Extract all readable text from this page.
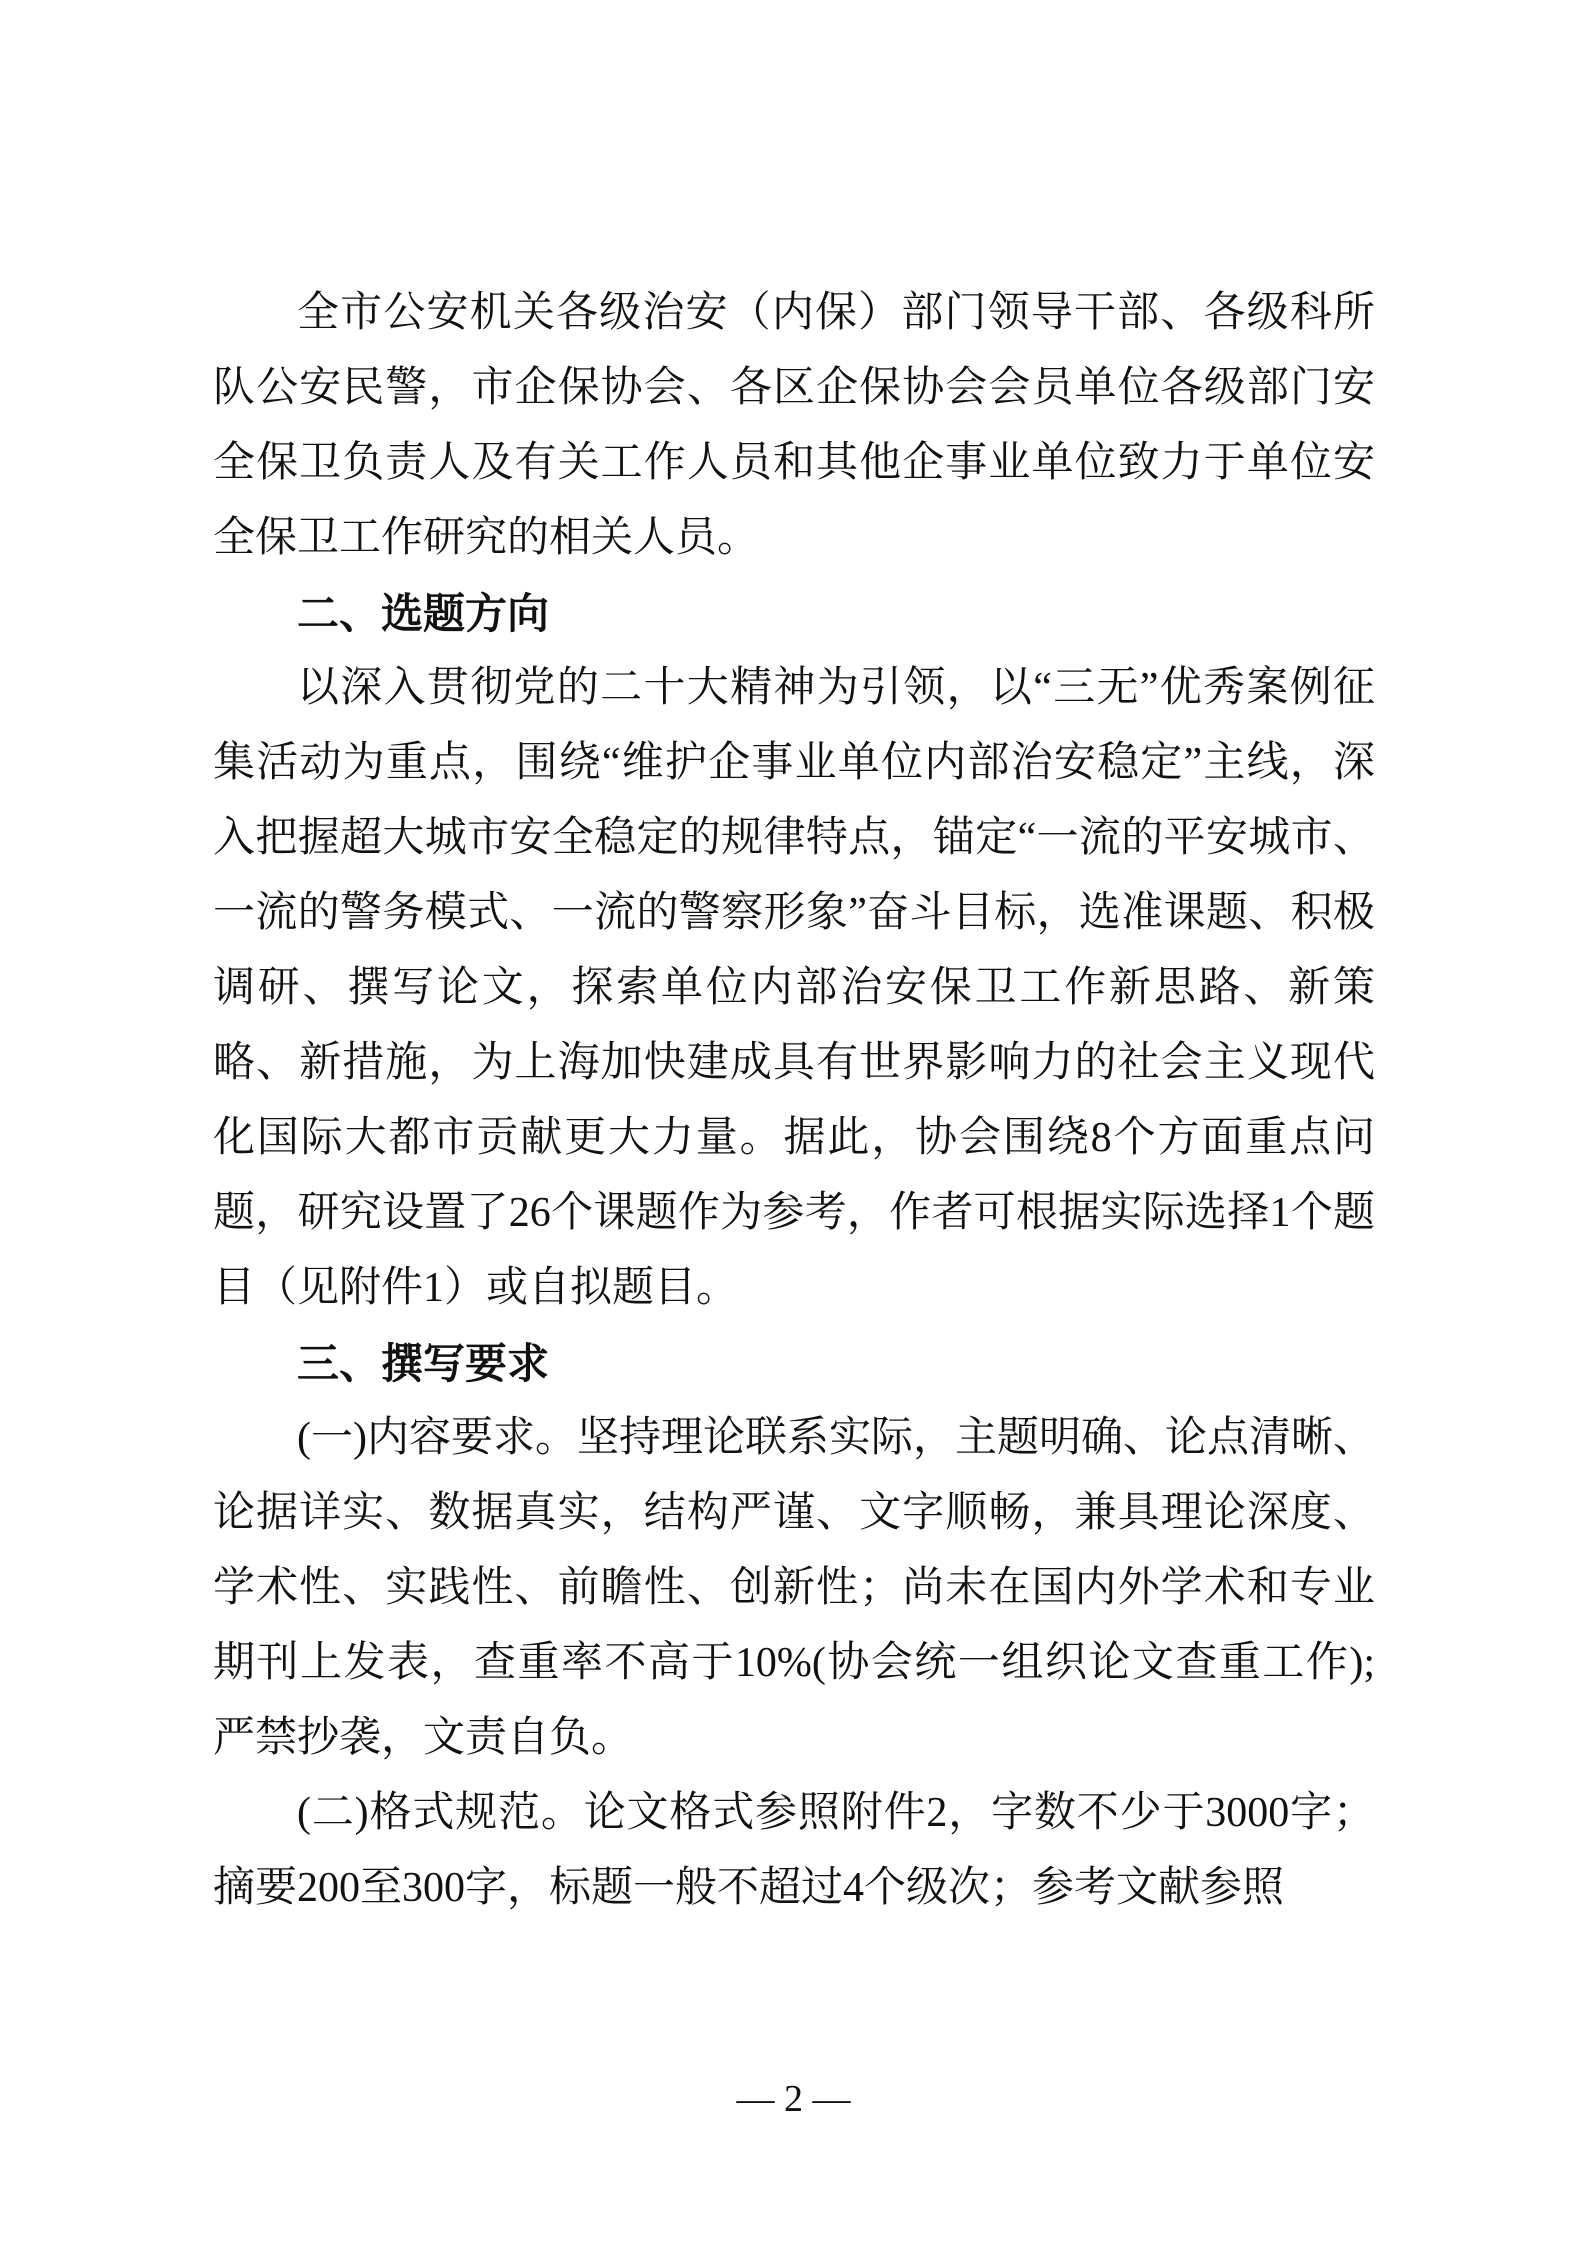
全市公安机关各级治安（内保）部门领导干部、各级科所队公安民警，市企保协会、各区企保协会会员单位各级部门安全保卫负责人及有关工作人员和其他企事业单位致力于单位安全保卫工作研究的相关人员。

二、选题方向

以深入贯彻党的二十大精神为引领，以“三无”优秀案例征集活动为重点，围绕“维护企事业单位内部治安稳定”主线，深入把握超大城市安全稳定的规律特点，锚定“一流的平安城市、一流的警务模式、一流的警察形象”奋斗目标，选准课题、积极调研、撰写论文，探索单位内部治安保卫工作新思路、新策略、新措施，为上海加快建成具有世界影响力的社会主义现代化国际大都市贡献更大力量。据此，协会围绕8个方面重点问题，研究设置了26个课题作为参考，作者可根据实际选择1个题目（见附件1）或自拟题目。

三、撰写要求

(一)内容要求。坚持理论联系实际，主题明确、论点清晰、论据详实、数据真实，结构严谨、文字顺畅，兼具理论深度、学术性、实践性、前瞻性、创新性；尚未在国内外学术和专业期刊上发表，查重率不高于10%(协会统一组织论文查重工作);严禁抄袭，文责自负。

(二)格式规范。论文格式参照附件2，字数不少于3000字；摘要200至300字，标题一般不超过4个级次；参考文献参照

— 2 —
